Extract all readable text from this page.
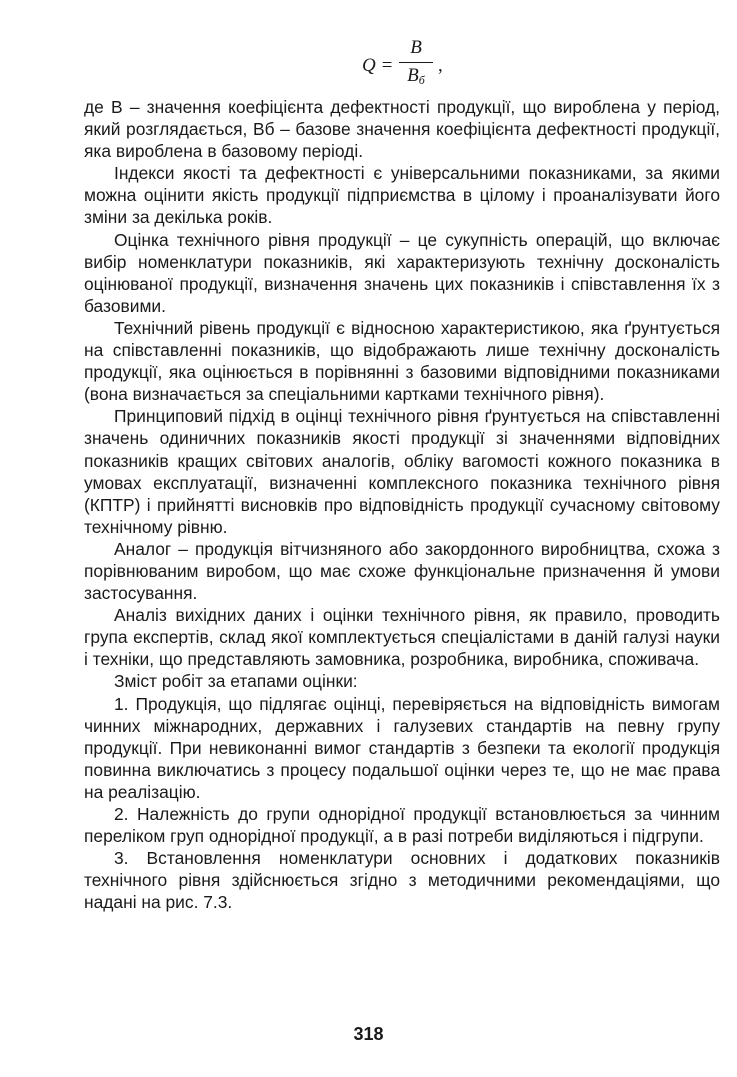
Q =
B
$B_б$
,

де В – значення коефіцієнта дефектності продукції, що вироблена у період, який розглядається, Вб – базове значення коефіцієнта дефектності продукції, яка вироблена в базовому періоді.

Індекси якості та дефектності є універсальними показниками, за якими можна оцінити якість продукції підприємства в цілому і проаналізувати його зміни за декілька років.

Оцінка технічного рівня продукції – це сукупність операцій, що включає вибір номенклатури показників, які характеризують технічну досконалість оцінюваної продукції, визначення значень цих показників і співставлення їх з базовими.

Технічний рівень продукції є відносною характеристикою, яка ґрунтується на співставленні показників, що відображають лише технічну досконалість продукції, яка оцінюється в порівнянні з базовими відповідними показниками (вона визначається за спеціальними картками технічного рівня).

Принциповий підхід в оцінці технічного рівня ґрунтується на співставленні значень одиничних показників якості продукції зі значеннями відповідних показників кращих світових аналогів, обліку вагомості кожного показника в умовах експлуатації, визначенні комплексного показника технічного рівня (КПТР) і прийнятті висновків про відповідність продукції сучасному світовому технічному рівню.

Аналог – продукція вітчизняного або закордонного виробництва, схожа з порівнюваним виробом, що має схоже функціональне призначення й умови застосування.

Аналіз вихідних даних і оцінки технічного рівня, як правило, проводить група експертів, склад якої комплектується спеціалістами в даній галузі науки і техніки, що представляють замовника, розробника, виробника, споживача.

Зміст робіт за етапами оцінки:

1. Продукція, що підлягає оцінці, перевіряється на відповідність вимогам чинних міжнародних, державних і галузевих стандартів на певну групу продукції. При невиконанні вимог стандартів з безпеки та екології продукція повинна виключатись з процесу подальшої оцінки через те, що не має права на реалізацію.

2. Належність до групи однорідної продукції встановлюється за чинним переліком груп однорідної продукції, а в разі потреби виділяються і підгрупи.

3. Встановлення номенклатури основних і додаткових показників технічного рівня здійснюється згідно з методичними рекомендаціями, що надані на рис. 7.3.

318
